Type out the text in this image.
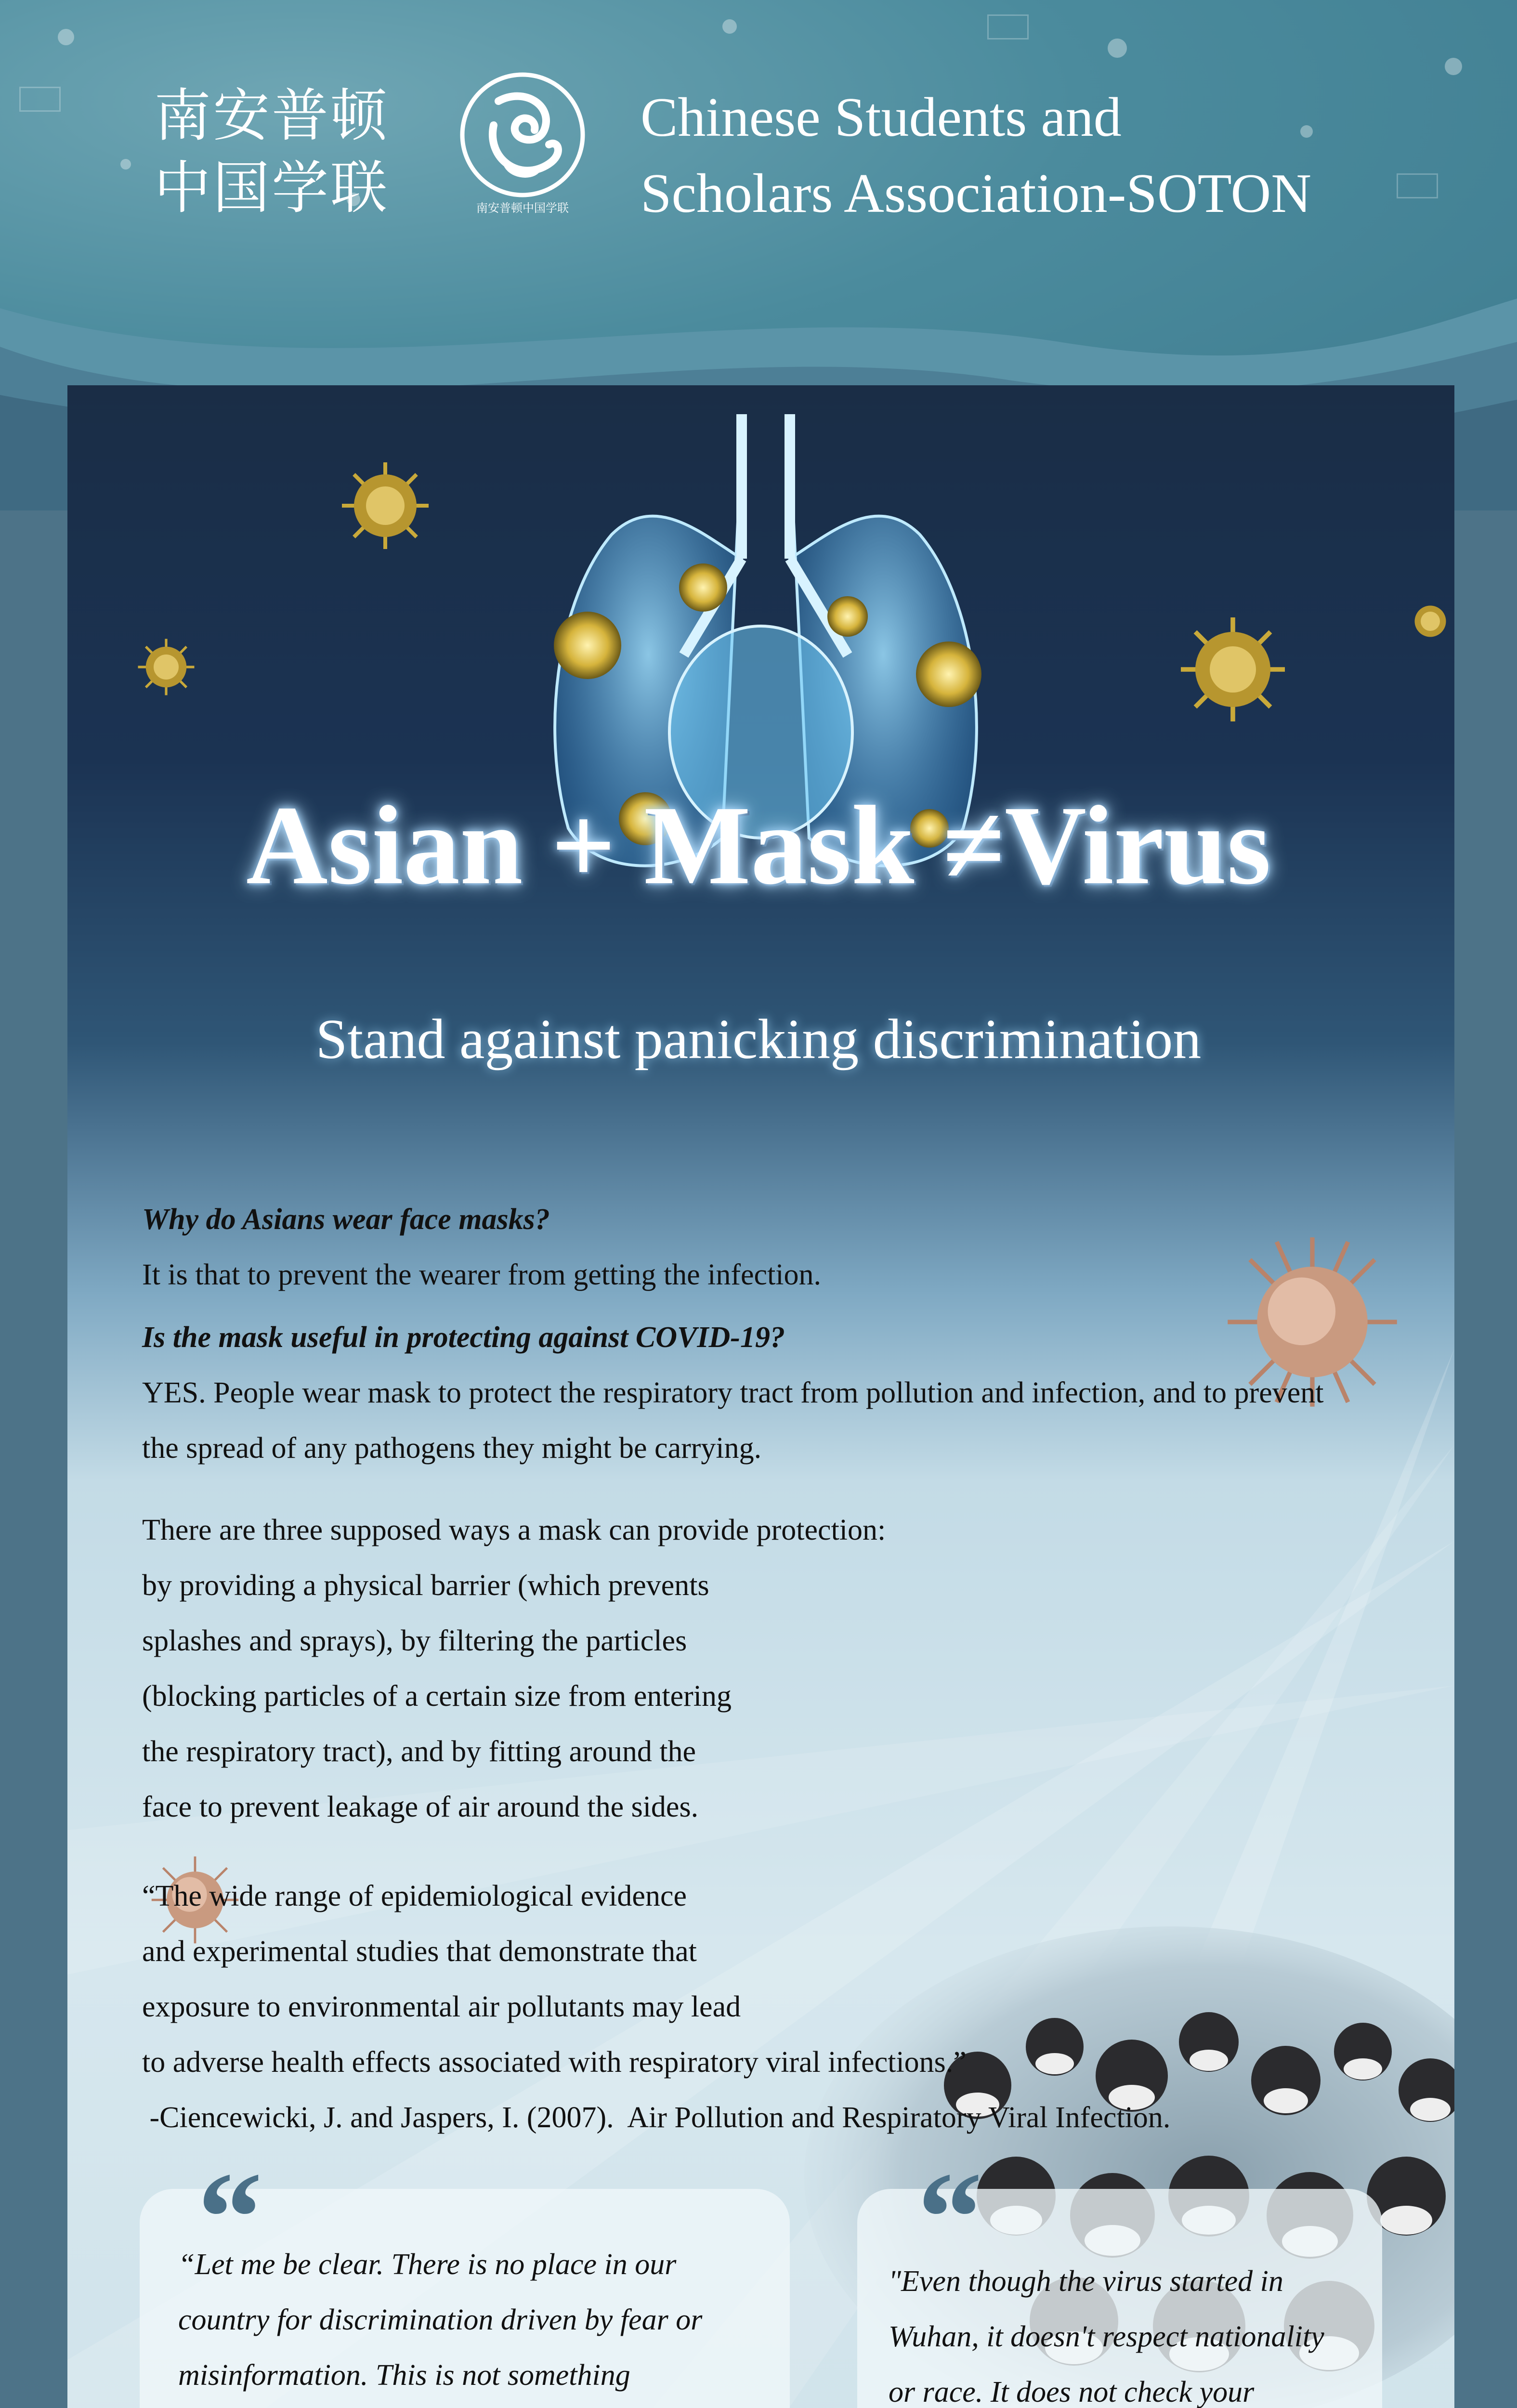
南安普顿
中国学联	南安普顿中国学联
Chinese Students and
Scholars Association-SOTON
Asian + Mask ≠Virus
Stand against panicking discrimination
Why do Asians wear face masks?
It is that to prevent the wearer from getting the infection.
Is the mask useful in protecting against COVID-19?
YES. People wear mask to protect the respiratory tract from pollution and infection, and to prevent
the spread of any pathogens they might be carrying.
There are three supposed ways a mask can provide protection:
by providing a physical barrier (which prevents
splashes and sprays), by filtering the particles
(blocking particles of a certain size from entering
the respiratory tract), and by fitting around the
face to prevent leakage of air around the sides.
“The wide range of epidemiological evidence
and experimental studies that demonstrate that
exposure to environmental air pollutants may lead
to adverse health effects associated with respiratory viral infections.”
-Ciencewicki, J. and Jaspers, I. (2007).  Air Pollution and Respiratory Viral Infection.
“
“Let me be clear. There is no place in our
country for discrimination driven by fear or
misinformation. This is not something
“
"Even though the virus started in
Wuhan, it doesn't respect nationality
or race. It does not check your
